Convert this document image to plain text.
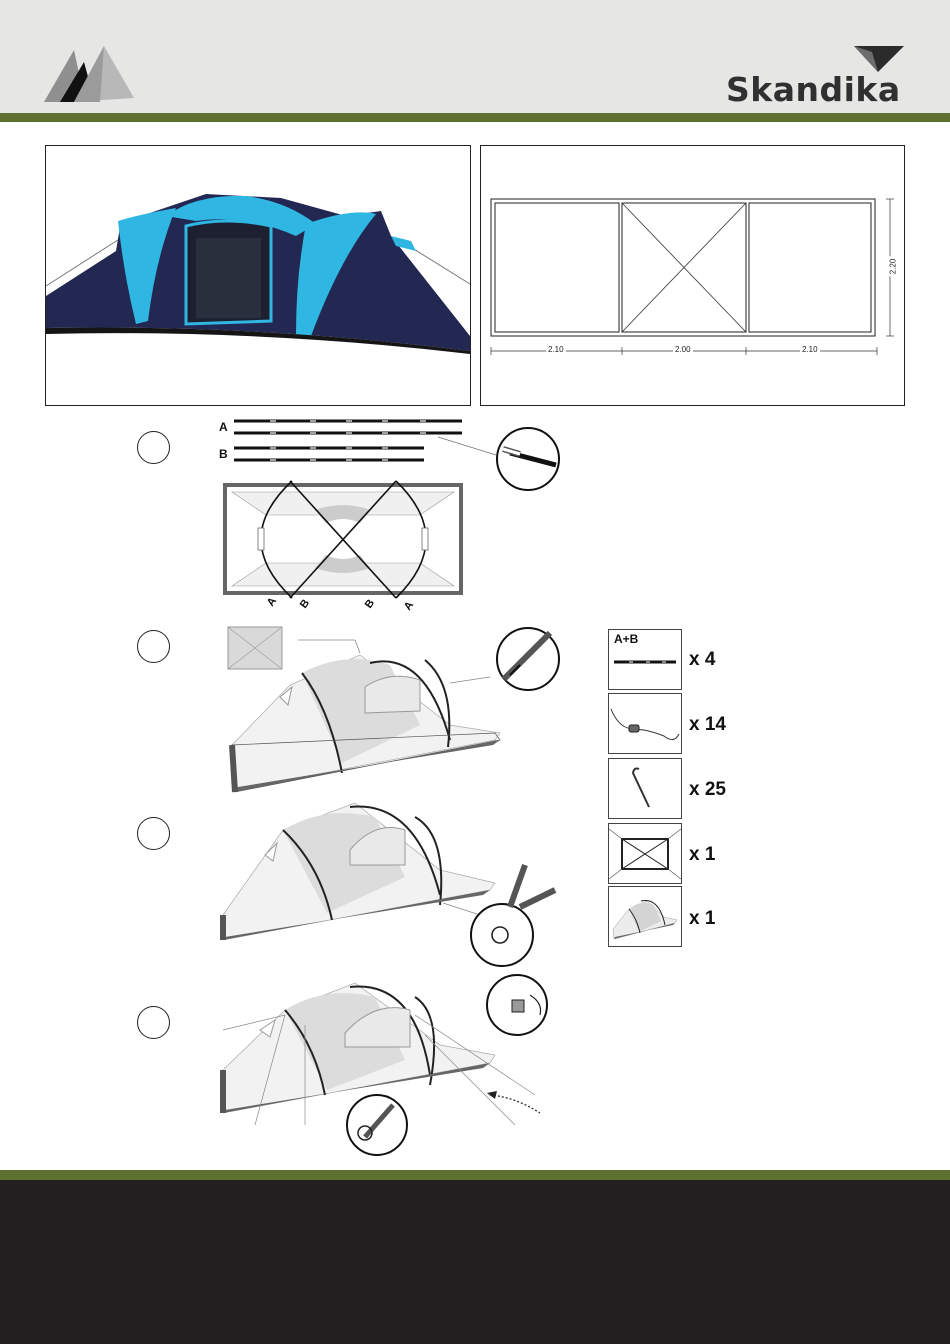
Skandika
2.10	2.00	2.10
2.20
A
B
A B	B A
A+B
x 4
x 14
x 25
x 1
x 1
